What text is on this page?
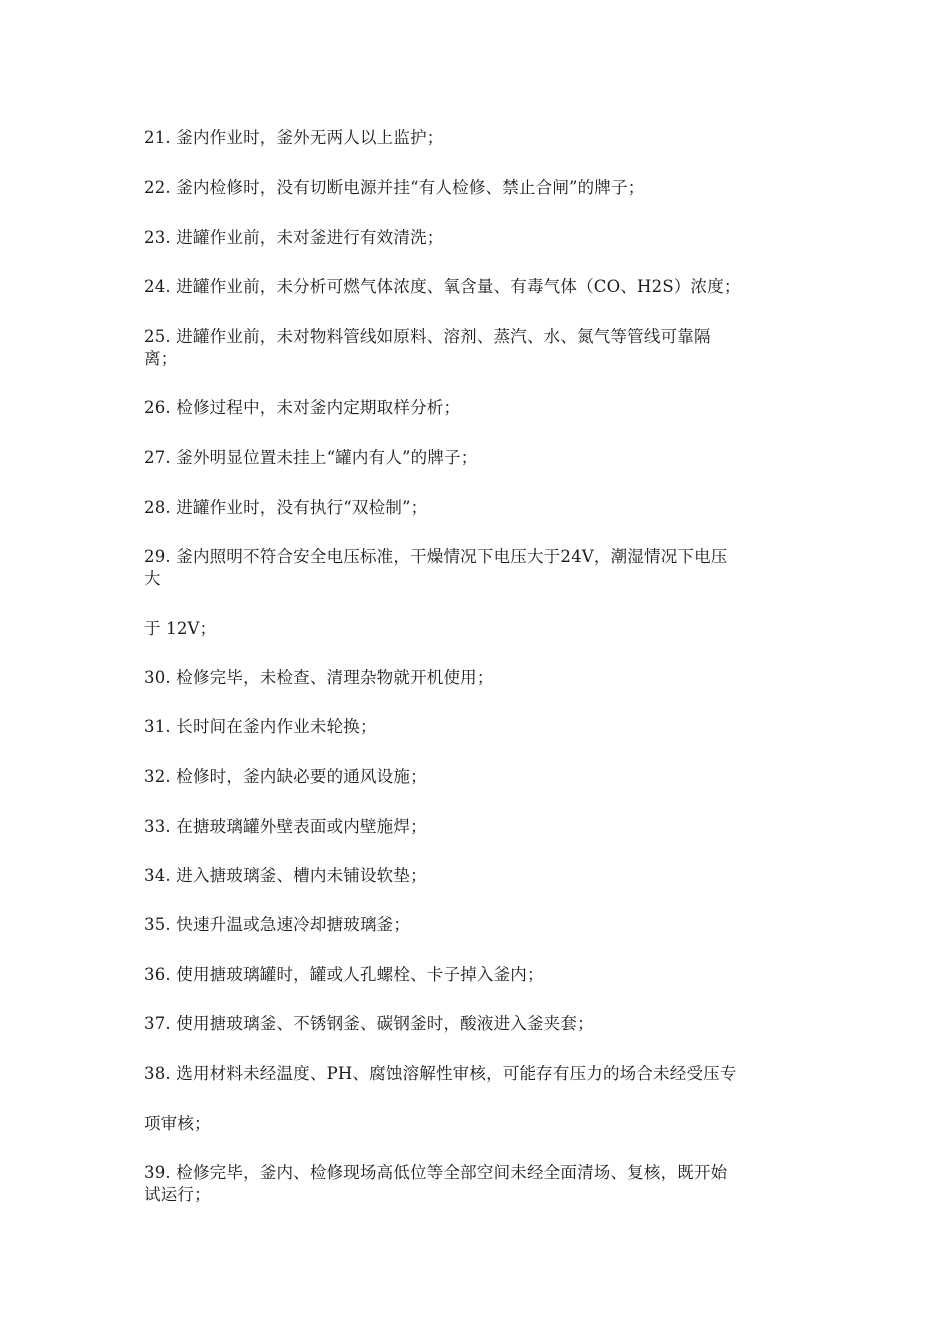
21. 釜内作业时，釜外无两人以上监护；
22. 釜内检修时，没有切断电源并挂“有人检修、禁止合闸”的牌子；
23. 进罐作业前，未对釜进行有效清洗；
24. 进罐作业前，未分析可燃气体浓度、氧含量、有毒气体（CO、H2S）浓度；
25. 进罐作业前，未对物料管线如原料、溶剂、蒸汽、水、氮气等管线可靠隔
离；
26. 检修过程中，未对釜内定期取样分析；
27. 釜外明显位置未挂上“罐内有人”的牌子；
28. 进罐作业时，没有执行“双检制”；
29. 釜内照明不符合安全电压标准，干燥情况下电压大于24V，潮湿情况下电压
大
于 12V；
30. 检修完毕，未检查、清理杂物就开机使用；
31. 长时间在釜内作业未轮换；
32. 检修时，釜内缺必要的通风设施；
33. 在搪玻璃罐外壁表面或内壁施焊；
34. 进入搪玻璃釜、槽内未铺设软垫；
35. 快速升温或急速冷却搪玻璃釜；
36. 使用搪玻璃罐时，罐或人孔螺栓、卡子掉入釜内；
37. 使用搪玻璃釜、不锈钢釜、碳钢釜时，酸液进入釜夹套；
38. 选用材料未经温度、PH、腐蚀溶解性审核，可能存有压力的场合未经受压专
项审核；
39. 检修完毕，釜内、检修现场高低位等全部空间未经全面清场、复核，既开始
试运行；
